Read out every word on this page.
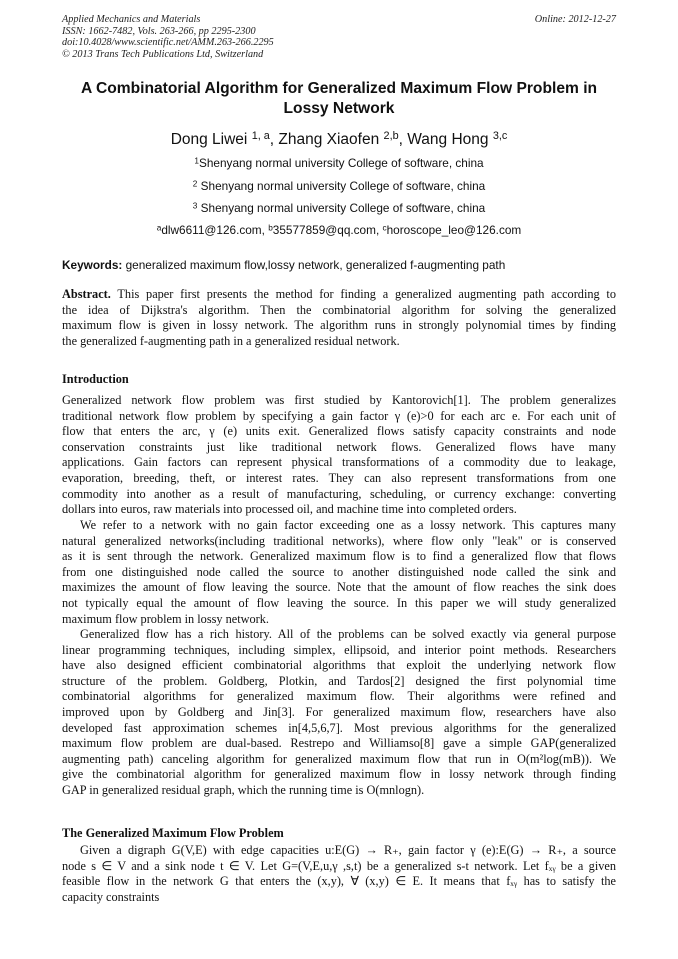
Applied Mechanics and Materials
ISSN: 1662-7482, Vols. 263-266, pp 2295-2300
doi:10.4028/www.scientific.net/AMM.263-266.2295
© 2013 Trans Tech Publications Ltd, Switzerland
Online: 2012-12-27
A Combinatorial Algorithm for Generalized Maximum Flow Problem in
Lossy Network
Dong Liwei $^{1, a}$, Zhang Xiaofen $^{2,b}$, Wang Hong $^{3,c}$
$^1$Shenyang normal university College of software, china
$^2$ Shenyang normal university College of software, china
$^3$ Shenyang normal university College of software, china
$^a$dlw6611@126.com, $^b$35577859@qq.com, $^c$horoscope_leo@126.com
Keywords: generalized maximum flow,lossy network, generalized f-augmenting path
Abstract. This paper first presents the method for finding a generalized augmenting path according to
the idea of Dijkstra's algorithm. Then the combinatorial algorithm for solving the generalized
maximum flow is given in lossy network. The algorithm runs in strongly polynomial times by finding
the generalized f-augmenting path in a generalized residual network.
Introduction
Generalized network flow problem was first studied by Kantorovich[1]. The problem generalizes
traditional network flow problem by specifying a gain factor γ (e)>0 for each arc e. For each unit of
flow that enters the arc, γ (e) units exit. Generalized flows satisfy capacity constraints and node
conservation constraints just like traditional network flows. Generalized flows have many
applications. Gain factors can represent physical transformations of a commodity due to leakage,
evaporation, breeding, theft, or interest rates. They can also represent transformations from one
commodity into another as a result of manufacturing, scheduling, or currency exchange: converting
dollars into euros, raw materials into processed oil, and machine time into completed orders.
We refer to a network with no gain factor exceeding one as a lossy network. This captures many
natural generalized networks(including traditional networks), where flow only "leak" or is conserved
as it is sent through the network. Generalized maximum flow is to find a generalized flow that flows
from one distinguished node called the source to another distinguished node called the sink and
maximizes the amount of flow leaving the source. Note that the amount of flow reaches the sink does
not typically equal the amount of flow leaving the source. In this paper we will study generalized
maximum flow problem in lossy network.
Generalized flow has a rich history. All of the problems can be solved exactly via general purpose
linear programming techniques, including simplex, ellipsoid, and interior point methods. Researchers
have also designed efficient combinatorial algorithms that exploit the underlying network flow
structure of the problem. Goldberg, Plotkin, and Tardos[2] designed the first polynomial time
combinatorial algorithms for generalized maximum flow. Their algorithms were refined and
improved upon by Goldberg and Jin[3]. For generalized maximum flow, researchers have also
developed fast approximation schemes in[4,5,6,7]. Most previous algorithms for the generalized
maximum flow problem are dual-based. Restrepo and Williamso[8] gave a simple GAP(generalized
augmenting path) canceling algorithm for generalized maximum flow that run in O(m²log(mB)). We
give the combinatorial algorithm for generalized maximum flow in lossy network through finding
GAP in generalized residual graph, which the running time is O(mnlogn).
The Generalized Maximum Flow Problem
Given a digraph G(V,E) with edge capacities u:E(G) → R₊, gain factor γ (e):E(G) → R₊, a source
node s ∈ V and a sink node t ∈ V. Let G=(V,E,u,γ ,s,t) be a generalized s-t network. Let fₓᵧ be a given
feasible flow in the network G that enters the (x,y), ∀ (x,y) ∈ E. It means that fₓᵧ has to satisfy the
capacity constraints
